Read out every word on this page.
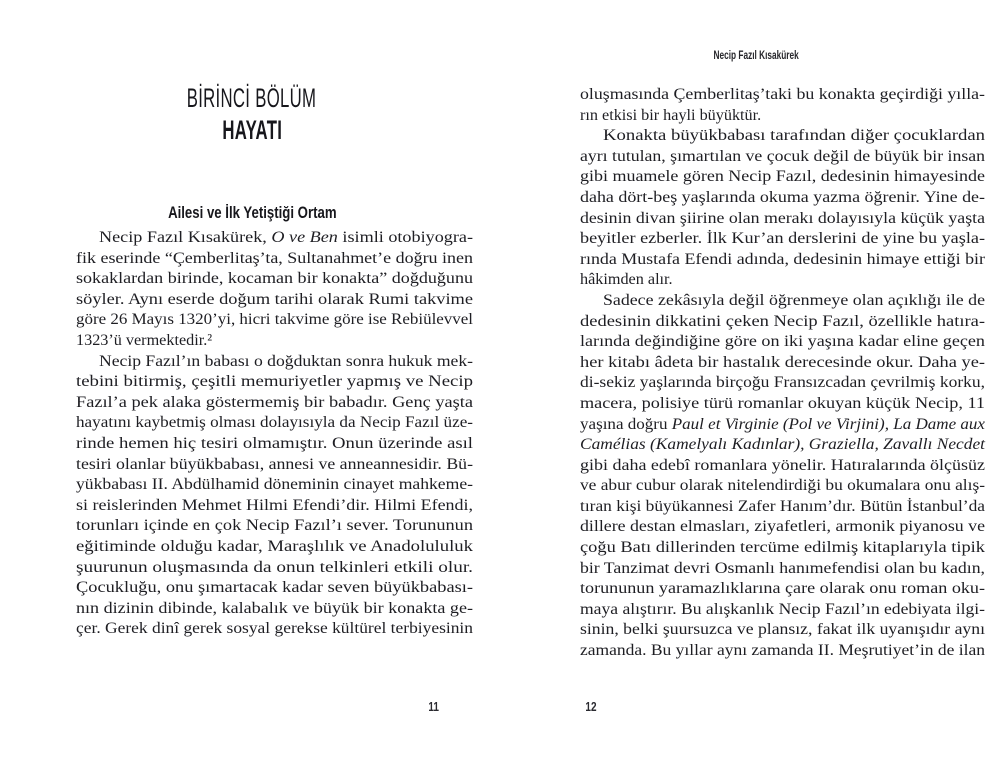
BİRİNCİ BÖLÜM
HAYATI
Ailesi ve İlk Yetiştiği Ortam
Necip Fazıl Kısakürek, O ve Ben isimli otobiyogra-
fik eserinde “Çemberlitaş’ta, Sultanahmet’e doğru inen
sokaklardan birinde, kocaman bir konakta” doğduğunu
söyler. Aynı eserde doğum tarihi olarak Rumi takvime
göre 26 Mayıs 1320’yi, hicri takvime göre ise Rebiülevvel
1323’ü vermektedir.²
Necip Fazıl’ın babası o doğduktan sonra hukuk mek-
tebini bitirmiş, çeşitli memuriyetler yapmış ve Necip
Fazıl’a pek alaka göstermemiş bir babadır. Genç yaşta
hayatını kaybetmiş olması dolayısıyla da Necip Fazıl üze-
rinde hemen hiç tesiri olmamıştır. Onun üzerinde asıl
tesiri olanlar büyükbabası, annesi ve anneannesidir. Bü-
yükbabası II. Abdülhamid döneminin cinayet mahkeme-
si reislerinden Mehmet Hilmi Efendi’dir. Hilmi Efendi,
torunları içinde en çok Necip Fazıl’ı sever. Torununun
eğitiminde olduğu kadar, Maraşlılık ve Anadolululuk
şuurunun oluşmasında da onun telkinleri etkili olur.
Çocukluğu, onu şımartacak kadar seven büyükbabası-
nın dizinin dibinde, kalabalık ve büyük bir konakta ge-
çer. Gerek dinî gerek sosyal gerekse kültürel terbiyesinin
11
Necip Fazıl Kısakürek
oluşmasında Çemberlitaş’taki bu konakta geçirdiği yılla-
rın etkisi bir hayli büyüktür.
Konakta büyükbabası tarafından diğer çocuklardan
ayrı tutulan, şımartılan ve çocuk değil de büyük bir insan
gibi muamele gören Necip Fazıl, dedesinin himayesinde
daha dört-beş yaşlarında okuma yazma öğrenir. Yine de-
desinin divan şiirine olan merakı dolayısıyla küçük yaşta
beyitler ezberler. İlk Kur’an derslerini de yine bu yaşla-
rında Mustafa Efendi adında, dedesinin himaye ettiği bir
hâkimden alır.
Sadece zekâsıyla değil öğrenmeye olan açıklığı ile de
dedesinin dikkatini çeken Necip Fazıl, özellikle hatıra-
larında değindiğine göre on iki yaşına kadar eline geçen
her kitabı âdeta bir hastalık derecesinde okur. Daha ye-
di-sekiz yaşlarında birçoğu Fransızcadan çevrilmiş korku,
macera, polisiye türü romanlar okuyan küçük Necip, 11
yaşına doğru Paul et Virginie (Pol ve Virjini), La Dame aux
Camélias (Kamelyalı Kadınlar), Graziella, Zavallı Necdet
gibi daha edebî romanlara yönelir. Hatıralarında ölçüsüz
ve abur cubur olarak nitelendirdiği bu okumalara onu alış-
tıran kişi büyükannesi Zafer Hanım’dır. Bütün İstanbul’da
dillere destan elmasları, ziyafetleri, armonik piyanosu ve
çoğu Batı dillerinden tercüme edilmiş kitaplarıyla tipik
bir Tanzimat devri Osmanlı hanımefendisi olan bu kadın,
torununun yaramazlıklarına çare olarak onu roman oku-
maya alıştırır. Bu alışkanlık Necip Fazıl’ın edebiyata ilgi-
sinin, belki şuursuzca ve plansız, fakat ilk uyanışıdır aynı
zamanda. Bu yıllar aynı zamanda II. Meşrutiyet’in de ilan
12
